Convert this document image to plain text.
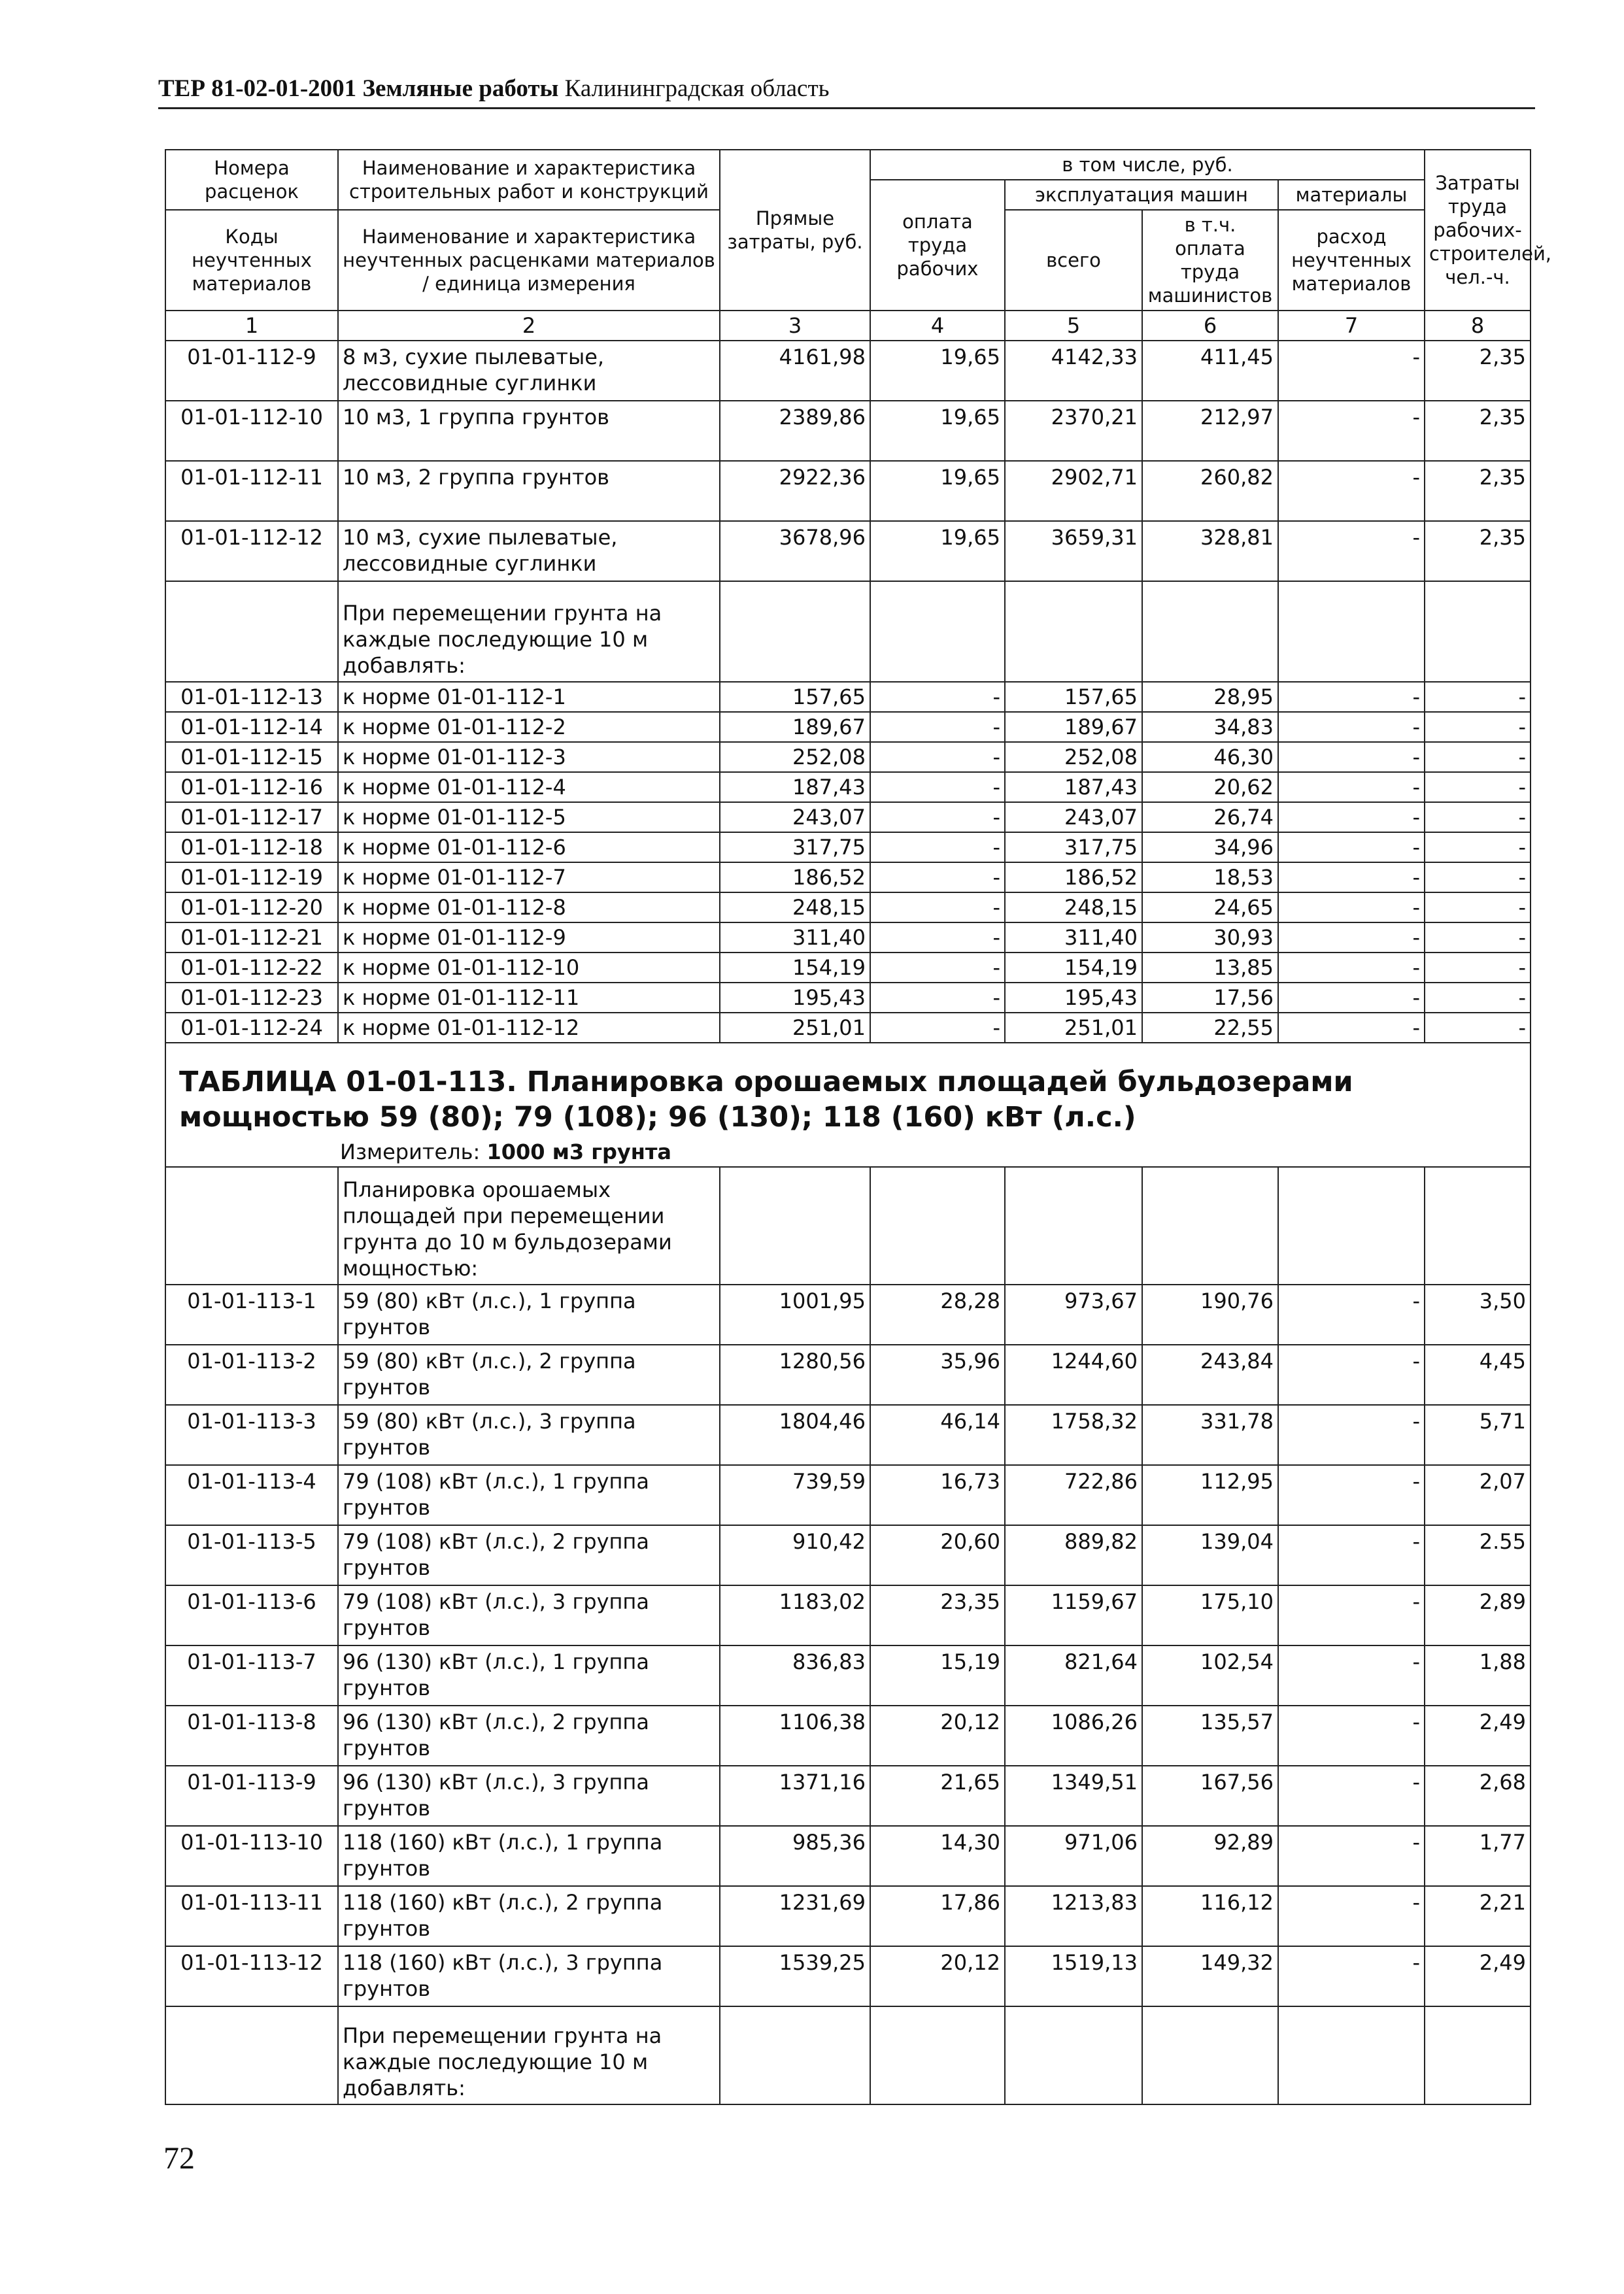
ТЕР 81-02-01-2001 Земляные работы Калининградская область
Номера расценок	Наименование и характеристика строительных работ и конструкций	Прямые затраты, руб.	в том числе, руб.				Затраты труда рабочих-строителей, чел.-ч.
			оплата труда рабочих	эксплуатация машин		материалы	
Коды неучтенных материалов	Наименование и характеристика неучтенных расценками материалов / единица измерения			всего	в т.ч. оплата труда машинистов	расход неучтенных материалов	

1	2	3	4	5	6	7	8
01-01-112-9	8 м3, сухие пылеватые, лессовидные суглинки	4161,98	19,65	4142,33	411,45	-	2,35
01-01-112-10	10 м3, 1 группа грунтов	2389,86	19,65	2370,21	212,97	-	2,35
01-01-112-11	10 м3, 2 группа грунтов	2922,36	19,65	2902,71	260,82	-	2,35
01-01-112-12	10 м3, сухие пылеватые, лессовидные суглинки	3678,96	19,65	3659,31	328,81	-	2,35
	При перемещении грунта на каждые последующие 10 м добавлять:						
01-01-112-13	к норме 01-01-112-1	157,65	-	157,65	28,95	-	-
01-01-112-14	к норме 01-01-112-2	189,67	-	189,67	34,83	-	-
01-01-112-15	к норме 01-01-112-3	252,08	-	252,08	46,30	-	-
01-01-112-16	к норме 01-01-112-4	187,43	-	187,43	20,62	-	-
01-01-112-17	к норме 01-01-112-5	243,07	-	243,07	26,74	-	-
01-01-112-18	к норме 01-01-112-6	317,75	-	317,75	34,96	-	-
01-01-112-19	к норме 01-01-112-7	186,52	-	186,52	18,53	-	-
01-01-112-20	к норме 01-01-112-8	248,15	-	248,15	24,65	-	-
01-01-112-21	к норме 01-01-112-9	311,40	-	311,40	30,93	-	-
01-01-112-22	к норме 01-01-112-10	154,19	-	154,19	13,85	-	-
01-01-112-23	к норме 01-01-112-11	195,43	-	195,43	17,56	-	-
01-01-112-24	к норме 01-01-112-12	251,01	-	251,01	22,55	-	-
ТАБЛИЦА 01-01-113. Планировка орошаемых площадей бульдозерами мощностью 59 (80); 79 (108); 96 (130); 118 (160) кВт (л.с.)							
Измеритель: 1000 м3 грунта							
	Планировка орошаемых площадей при перемещении грунта до 10 м бульдозерами мощностью:						
01-01-113-1	59 (80) кВт (л.с.), 1 группа грунтов	1001,95	28,28	973,67	190,76	-	3,50
01-01-113-2	59 (80) кВт (л.с.), 2 группа грунтов	1280,56	35,96	1244,60	243,84	-	4,45
01-01-113-3	59 (80) кВт (л.с.), 3 группа грунтов	1804,46	46,14	1758,32	331,78	-	5,71
01-01-113-4	79 (108) кВт (л.с.), 1 группа грунтов	739,59	16,73	722,86	112,95	-	2,07
01-01-113-5	79 (108) кВт (л.с.), 2 группа грунтов	910,42	20,60	889,82	139,04	-	2.55
01-01-113-6	79 (108) кВт (л.с.), 3 группа грунтов	1183,02	23,35	1159,67	175,10	-	2,89
01-01-113-7	96 (130) кВт (л.с.), 1 группа грунтов	836,83	15,19	821,64	102,54	-	1,88
01-01-113-8	96 (130) кВт (л.с.), 2 группа грунтов	1106,38	20,12	1086,26	135,57	-	2,49
01-01-113-9	96 (130) кВт (л.с.), 3 группа грунтов	1371,16	21,65	1349,51	167,56	-	2,68
01-01-113-10	118 (160) кВт (л.с.), 1 группа грунтов	985,36	14,30	971,06	92,89	-	1,77
01-01-113-11	118 (160) кВт (л.с.), 2 группа грунтов	1231,69	17,86	1213,83	116,12	-	2,21
01-01-113-12	118 (160) кВт (л.с.), 3 группа грунтов	1539,25	20,12	1519,13	149,32	-	2,49
	При перемещении грунта на каждые последующие 10 м добавлять:						
72
